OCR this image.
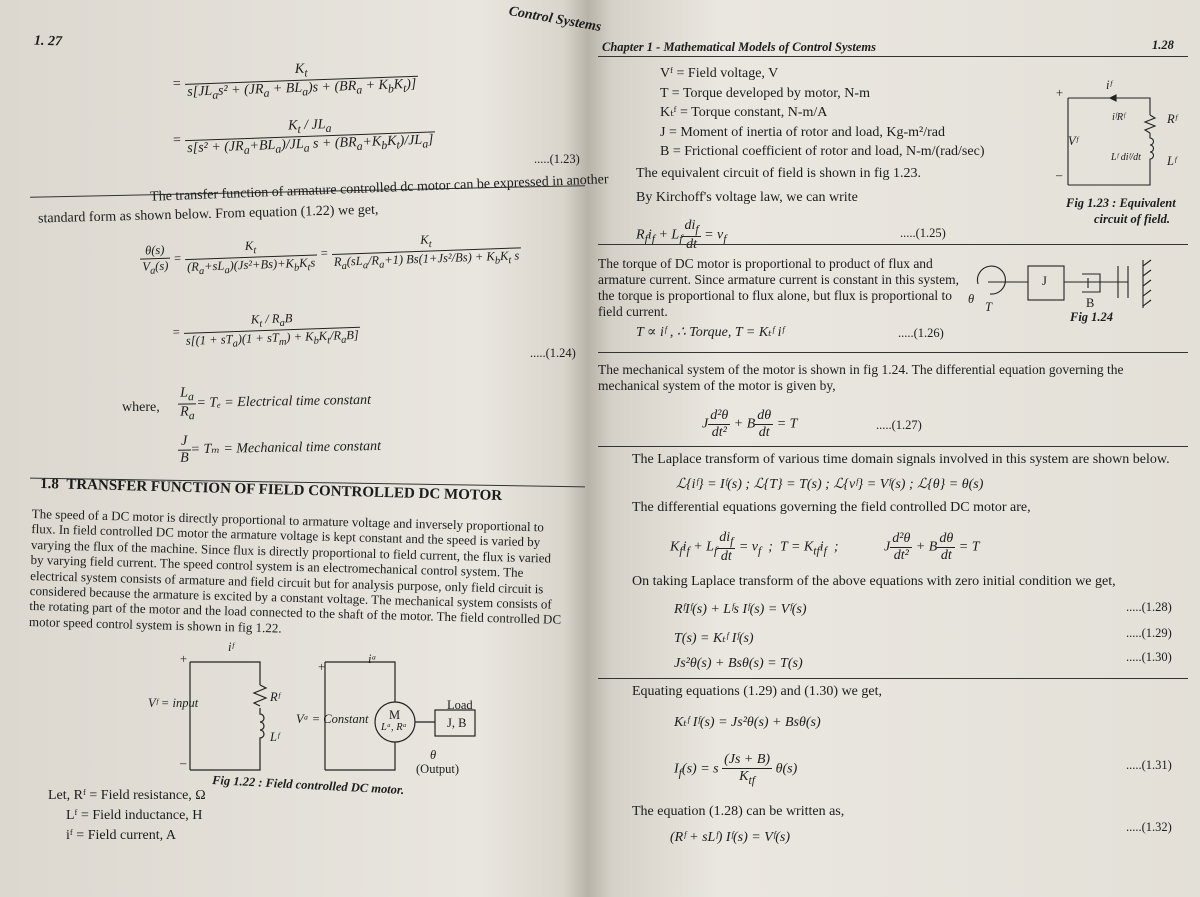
1. 27
Control Systems
=
$K_t$
$s[JL_as^2 + (JR_a + BL_a)s + (BR_a + K_bK_t)]$
=
$K_t / JL_a$
$s[s^2 + (JR_a+BL_a)/JL_a$ $s + (BR_a+K_bK_t)/JL_a$]
.....(1.23)
The transfer function of armature controlled dc motor can be expressed in another
standard form as shown below. From equation (1.22) we get,
$\frac{\theta(s)}{V_a(s)} = \frac{K_t}{(R_a+sL_a)(Js^2+Bs)+K_bK_ts}$ =
$K_t$
$R_a(sL_a/R_a+1) Bs(1+Js^2/Bs) + K_bK_t$ s
=
$K_t / R_aB$
$s[(1 + sT_a)(1 + sT_m) + K_bK_t/R_aB]$
.....(1.24)
where, $\frac{L_a}{R_a} = T_e$ = Electrical time constant
$\frac{J}{B} = T_m$ = Mechanical time constant
1.8 TRANSFER FUNCTION OF FIELD CONTROLLED DC MOTOR
The speed of a DC motor is directly proportional to armature voltage and inversely proportional to flux. In field controlled DC motor the armature voltage is kept constant and the speed is varied by varying the flux of the machine. Since flux is directly proportional to field current, the flux is varied by varying field current. The speed control system is an electromechanical control system. The electrical system consists of armature and field circuit but for analysis purpose, only field circuit is considered because the armature is excited by a constant voltage. The mechanical system consists of the rotating part of the motor and the load connected to the shaft of the motor. The field controlled DC motor speed control system is shown in fig 1.22.
+
–
Vᶠ = input
iᶠ
Rᶠ
Lᶠ
+
Vᵃ = Constant
iᵃ
M
Lᵃ, Rᵃ
Load
J, B
θ
(Output)
Fig 1.22 : Field controlled DC motor.
Let, Rᶠ = Field resistance, Ω
Lᶠ = Field inductance, H
iᶠ = Field current, A
Chapter 1 - Mathematical Models of Control Systems	1.28
Vᶠ = Field voltage, V
T = Torque developed by motor, N-m
Kₜᶠ = Torque constant, N-m/A
J = Moment of inertia of rotor and load, Kg-m²/rad
B = Frictional coefficient of rotor and load, N-m/(rad/sec)
The equivalent circuit of field is shown in fig 1.23.
By Kirchoff's voltage law, we can write
$R_fi_f + L_f \frac{di_f}{dt} = v_f$	.....(1.25)
+
–
Vᶠ
iᶠ
iᶠRᶠ	Rᶠ
Lᶠ diᶠ/dt Lᶠ
Fig 1.23 : Equivalent
circuit of field.
The torque of DC motor is proportional to product of flux and armature current. Since armature current is constant in this system, the torque is proportional to flux alone, but flux is proportional to field current.
T ∝ iᶠ , ∴ Torque, T = Kₜᶠ iᶠ	.....(1.26)
θ
T
J
B
Fig 1.24
The mechanical system of the motor is shown in fig 1.24. The differential equation governing the mechanical system of the motor is given by,
J $\frac{\text{d²θ}}{\text{dt²}} + B \frac{d\theta}{dt} = T$	.....(1.27)
The Laplace transform of various time domain signals involved in this system are shown below.
ℒ{iᶠ} = Iᶠ(s) ; ℒ{T} = T(s) ; ℒ{vᶠ} = Vᶠ(s) ; ℒ{θ} = θ(s)
The differential equations governing the field controlled DC motor are,
$K_fi_f + L_f \frac{di_f}{dt} = v_f$  ;  $T = K_{tf}i_f$  ;             J $\frac{\text{d²θ}}{\text{dt²}} + B \frac{d\theta}{dt} = T$
On taking Laplace transform of the above equations with zero initial condition we get,
RᶠIᶠ(s) + Lᶠs Iᶠ(s) = Vᶠ(s)	.....(1.28)
T(s) = Kₜᶠ Iᶠ(s)	.....(1.29)
Js²θ(s) + Bsθ(s) = T(s)	.....(1.30)
Equating equations (1.29) and (1.30) we get,
Kₜᶠ Iᶠ(s) = Js²θ(s) + Bsθ(s)
$I_f(s) = s \frac{(Js + B)}{K_{tf}} \theta(s)$	.....(1.31)
The equation (1.28) can be written as,
(Rᶠ + sLᶠ) Iᶠ(s) = Vᶠ(s)
.....(1.32)
